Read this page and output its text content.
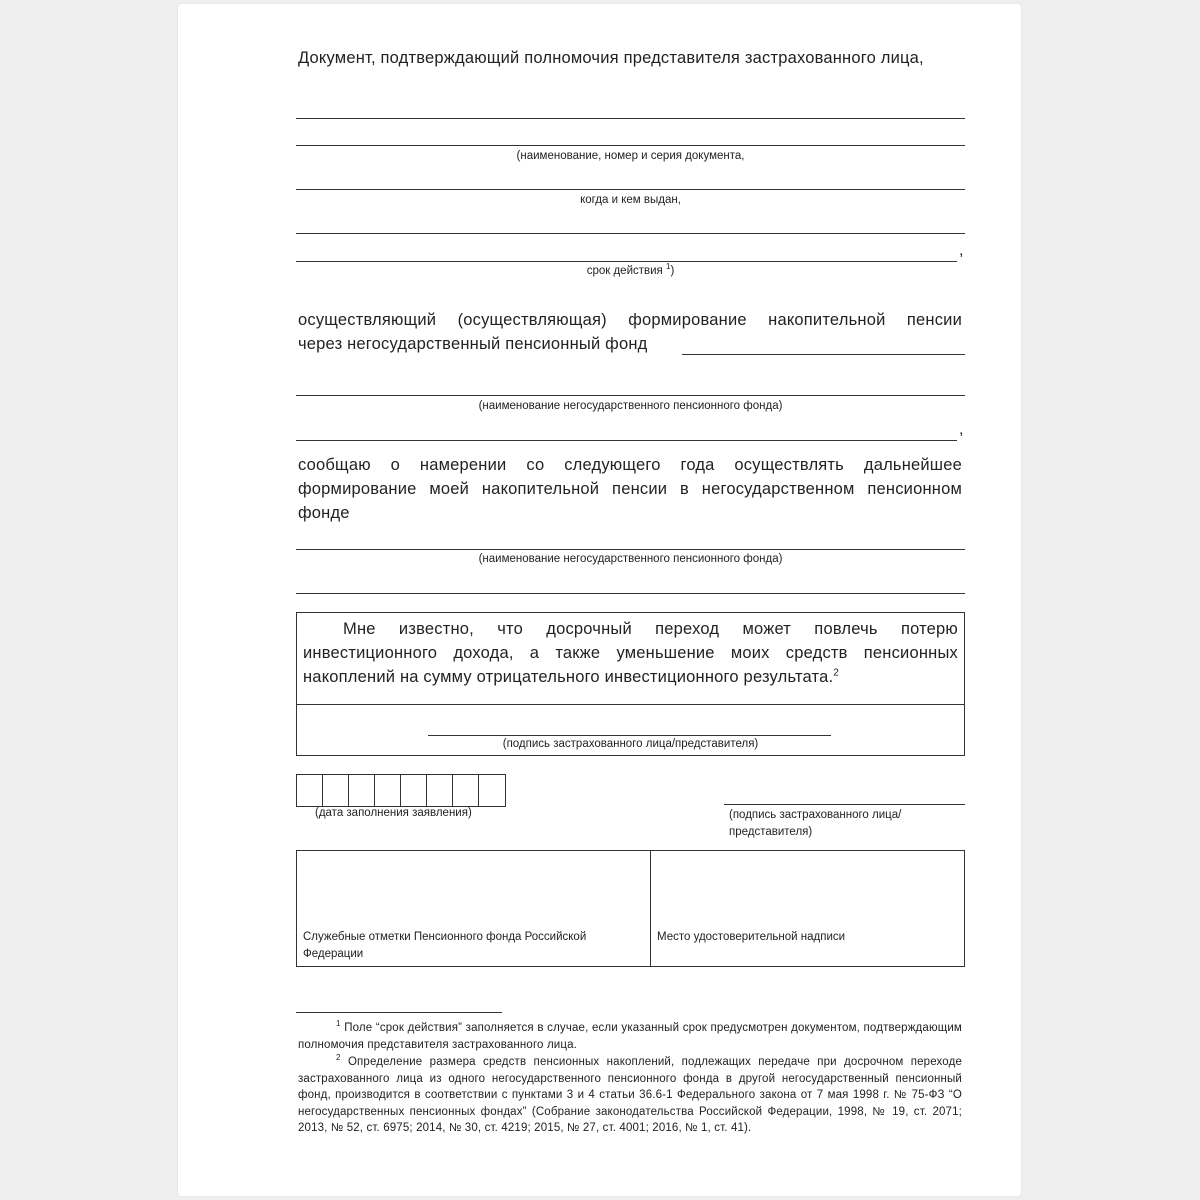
Документ, подтверждающий полномочия представителя застрахованного лица,
(наименование, номер и серия документа,
когда и кем выдан,
,
срок действия $^1$)
осуществляющий (осуществляющая) формирование накопительной пенсии
через негосударственный пенсионный фонд
(наименование негосударственного пенсионного фонда)
,
сообщаю о намерении со следующего года осуществлять дальнейшее формирование моей накопительной пенсии в негосударственном пенсионном фонде
(наименование негосударственного пенсионного фонда)
Мне известно, что досрочный переход может повлечь потерю инвестиционного дохода, а также уменьшение моих средств пенсионных накоплений на сумму отрицательного инвестиционного результата.$^2$
(подпись застрахованного лица/представителя)
(дата заполнения заявления)	(подпись застрахованного лица/
представителя)
Служебные отметки Пенсионного фонда Российской Федерации
Место удостоверительной надписи
$^1$ Поле “срок действия” заполняется в случае, если указанный срок предусмотрен документом, подтверждающим полномочия представителя застрахованного лица.
$^2$ Определение размера средств пенсионных накоплений, подлежащих передаче при досрочном переходе застрахованного лица из одного негосударственного пенсионного фонда в другой негосударственный пенсионный фонд, производится в соответствии с пунктами 3 и 4 статьи 36.6-1 Федерального закона от 7 мая 1998 г. № 75-ФЗ “О негосударственных пенсионных фондах” (Собрание законодательства Российской Федерации, 1998, № 19, ст. 2071; 2013, № 52, ст. 6975; 2014, № 30, ст. 4219; 2015, № 27, ст. 4001; 2016, № 1, ст. 41).
